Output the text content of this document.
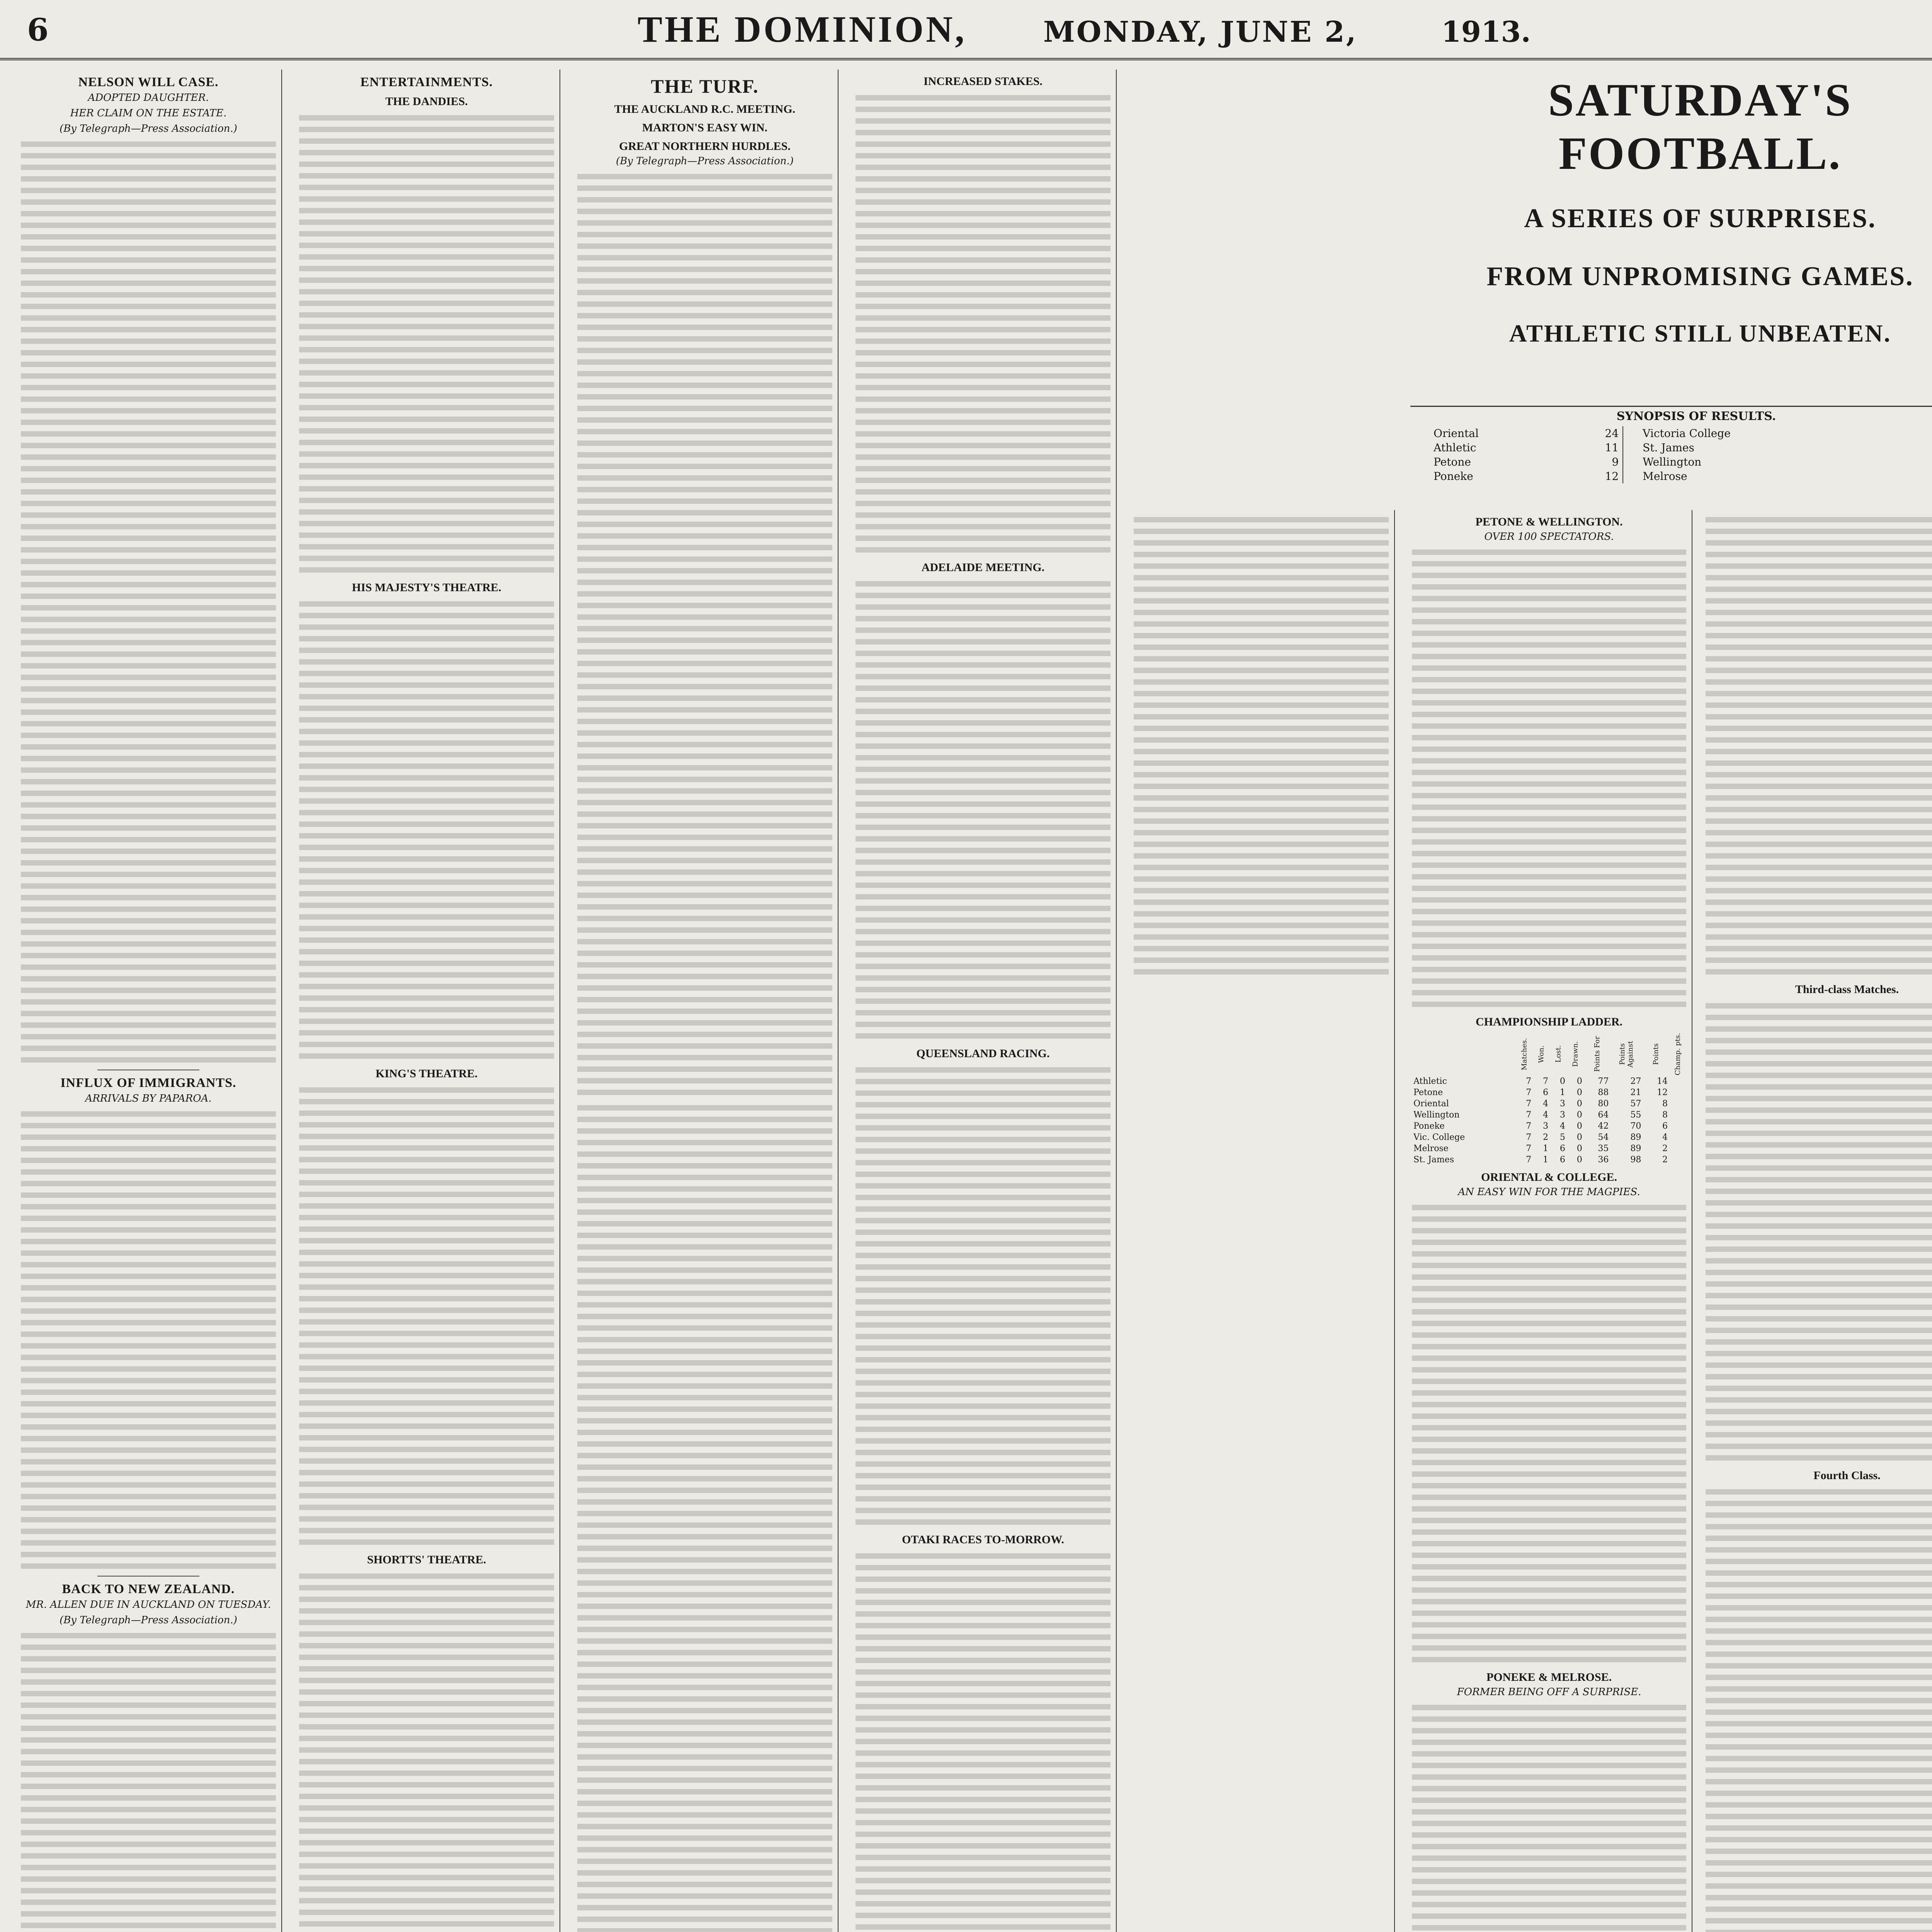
6	THE DOMINION,	MONDAY, JUNE 2,	1913.
NELSON WILL CASE.
ADOPTED DAUGHTER.
HER CLAIM ON THE ESTATE.
(By Telegraph—Press Association.)
INFLUX OF IMMIGRANTS.
ARRIVALS BY PAPAROA.
BACK TO NEW ZEALAND.
MR. ALLEN DUE IN AUCKLAND ON TUESDAY.
(By Telegraph—Press Association.)
ENTERTAINMENTS.
THE DANDIES.
HIS MAJESTY'S THEATRE.
KING'S THEATRE.
SHORTTS' THEATRE.
THE TURF.
THE AUCKLAND R.C. MEETING.
MARTON'S EASY WIN.
GREAT NORTHERN HURDLES.
(By Telegraph—Press Association.)
INCREASED STAKES.
ADELAIDE MEETING.
QUEENSLAND RACING.
OTAKI RACES TO-MORROW.
SATURDAY'S FOOTBALL.
A SERIES OF SURPRISES.
FROM UNPROMISING GAMES.
ATHLETIC STILL UNBEATEN.
SYNOPSIS OF RESULTS.
Oriental	24		Victoria College	
Athletic	11		St. James	
Petone	9		Wellington	
Poneke	12		Melrose	
PETONE & WELLINGTON.
OVER 100 SPECTATORS.
CHAMPIONSHIP LADDER.
	Matches.	Won.	Lost.	Drawn.	Points For	Points Against	Points	Champ. pts.
Athletic	7	7	0	0	77	27	14	
Petone	7	6	1	0	88	21	12	
Oriental	7	4	3	0	80	57	8	
Wellington	7	4	3	0	64	55	8	
Poneke	7	3	4	0	42	70	6	
Vic. College	7	2	5	0	54	89	4	
Melrose	7	1	6	0	35	89	2	
St. James	7	1	6	0	36	98	2	
ORIENTAL & COLLEGE.
AN EASY WIN FOR THE MAGPIES.
PONEKE & MELROSE.
FORMER BEING OFF A SURPRISE.
Third-class Matches.
Fourth Class.
